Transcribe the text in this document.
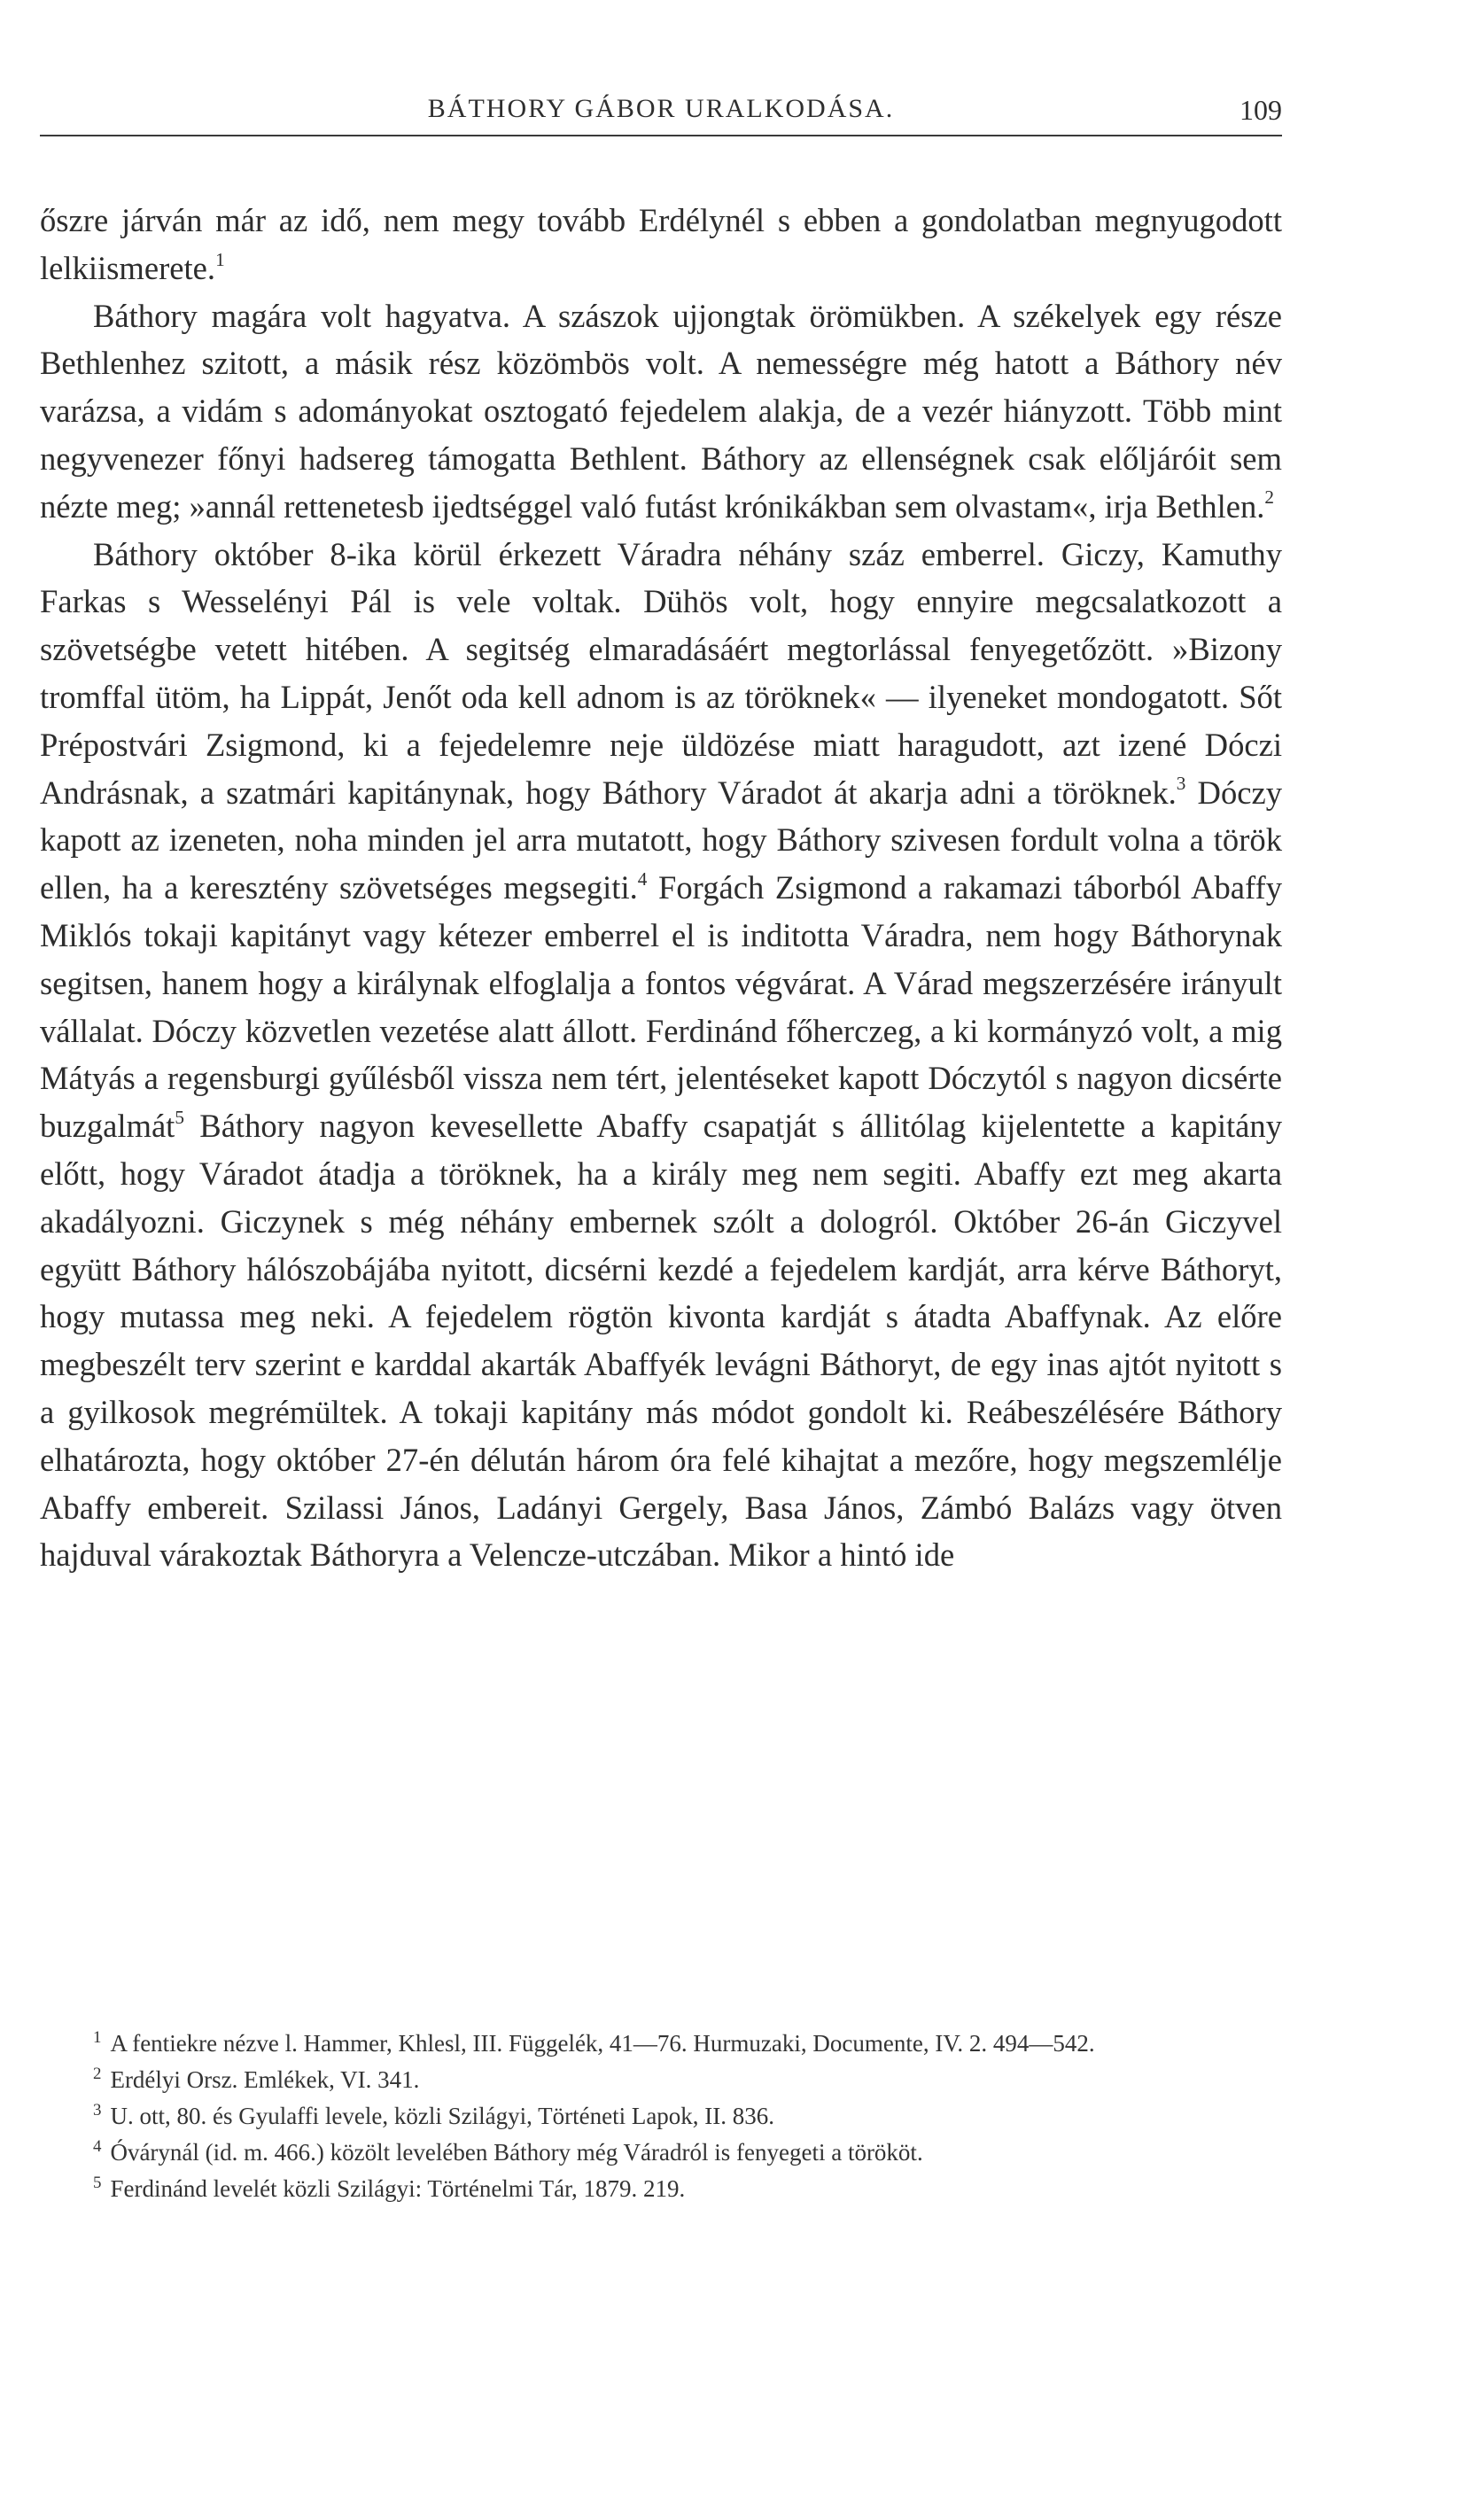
BÁTHORY GÁBOR URALKODÁSA.	109

őszre járván már az idő, nem megy tovább Erdélynél s ebben a gondolatban megnyugodott lelkiismerete.$^1$

Báthory magára volt hagyatva. A szászok ujjongtak örömükben. A székelyek egy része Bethlenhez szitott, a másik rész közömbös volt. A nemességre még hatott a Báthory név varázsa, a vidám s adományokat osztogató fejedelem alakja, de a vezér hiányzott. Több mint negyvenezer főnyi hadsereg támogatta Bethlent. Báthory az ellenségnek csak előljáróit sem nézte meg; »annál rettenetesb ijedtséggel való futást krónikákban sem olvastam«, irja Bethlen.$^2$

Báthory október 8-ika körül érkezett Váradra néhány száz emberrel. Giczy, Kamuthy Farkas s Wesselényi Pál is vele voltak. Dühös volt, hogy ennyire megcsalatkozott a szövetségbe vetett hitében. A segitség elmaradásáért megtorlással fenyegetőzött. »Bizony tromffal ütöm, ha Lippát, Jenőt oda kell adnom is az töröknek« — ilyeneket mondogatott. Sőt Prépostvári Zsigmond, ki a fejedelemre neje üldözése miatt haragudott, azt izené Dóczi Andrásnak, a szatmári kapitánynak, hogy Báthory Váradot át akarja adni a töröknek.$^3$ Dóczy kapott az izeneten, noha minden jel arra mutatott, hogy Báthory szivesen fordult volna a török ellen, ha a keresztény szövetséges megsegiti.$^4$ Forgách Zsigmond a rakamazi táborból Abaffy Miklós tokaji kapitányt vagy kétezer emberrel el is inditotta Váradra, nem hogy Báthorynak segitsen, hanem hogy a királynak elfoglalja a fontos végvárat. A Várad megszerzésére irányult vállalat. Dóczy közvetlen vezetése alatt állott. Ferdinánd főherczeg, a ki kormányzó volt, a mig Mátyás a regensburgi gyűlésből vissza nem tért, jelentéseket kapott Dóczytól s nagyon dicsérte buzgalmát$^5$ Báthory nagyon kevesellette Abaffy csapatját s állitólag kijelentette a kapitány előtt, hogy Váradot átadja a töröknek, ha a király meg nem segiti. Abaffy ezt meg akarta akadályozni. Giczynek s még néhány embernek szólt a dologról. Október 26-án Giczyvel együtt Báthory hálószobájába nyitott, dicsérni kezdé a fejedelem kardját, arra kérve Báthoryt, hogy mutassa meg neki. A fejedelem rögtön kivonta kardját s átadta Abaffynak. Az előre megbeszélt terv szerint e karddal akarták Abaffyék levágni Báthoryt, de egy inas ajtót nyitott s a gyilkosok megrémültek. A tokaji kapitány más módot gondolt ki. Reábeszélésére Báthory elhatározta, hogy október 27-én délután három óra felé kihajtat a mezőre, hogy megszemlélje Abaffy embereit. Szilassi János, Ladányi Gergely, Basa János, Zámbó Balázs vagy ötven hajduval várakoztak Báthoryra a Velencze-utczában. Mikor a hintó ide

$^1$ A fentiekre nézve l. Hammer, Khlesl, III. Függelék, 41—76. Hurmuzaki, Documente, IV. 2. 494—542.

$^2$ Erdélyi Orsz. Emlékek, VI. 341.

$^3$ U. ott, 80. és Gyulaffi levele, közli Szilágyi, Történeti Lapok, II. 836.

$^4$ Óvárynál (id. m. 466.) közölt levelében Báthory még Váradról is fenyegeti a törököt.

$^5$ Ferdinánd levelét közli Szilágyi: Történelmi Tár, 1879. 219.
